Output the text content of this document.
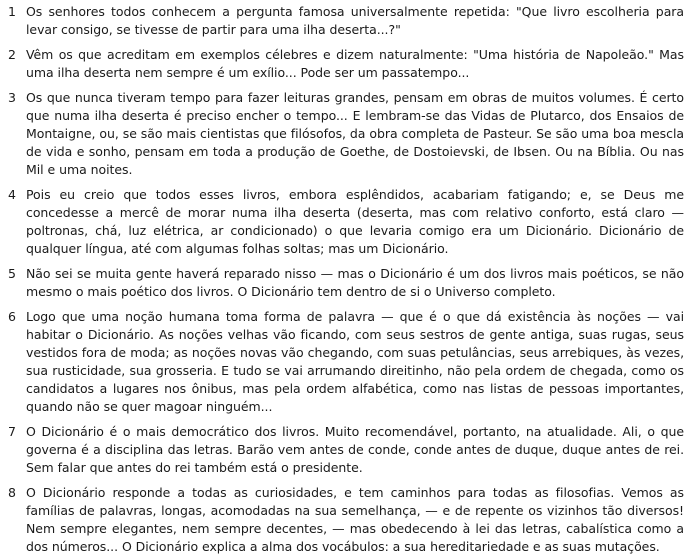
1 Os senhores todos conhecem a pergunta famosa universalmente repetida: "Que livro escolheria para levar consigo, se tivesse de partir para uma ilha deserta...?"
2 Vêm os que acreditam em exemplos célebres e dizem naturalmente: "Uma história de Napoleão." Mas uma ilha deserta nem sempre é um exílio... Pode ser um passatempo...
3 Os que nunca tiveram tempo para fazer leituras grandes, pensam em obras de muitos volumes. É certo que numa ilha deserta é preciso encher o tempo... E lembram-se das Vidas de Plutarco, dos Ensaios de Montaigne, ou, se são mais cientistas que filósofos, da obra completa de Pasteur. Se são uma boa mescla de vida e sonho, pensam em toda a produção de Goethe, de Dostoievski, de Ibsen. Ou na Bíblia. Ou nas Mil e uma noites.
4 Pois eu creio que todos esses livros, embora esplêndidos, acabariam fatigando; e, se Deus me concedesse a mercê de morar numa ilha deserta (deserta, mas com relativo conforto, está claro — poltronas, chá, luz elétrica, ar condicionado) o que levaria comigo era um Dicionário. Dicionário de qualquer língua, até com algumas folhas soltas; mas um Dicionário.
5 Não sei se muita gente haverá reparado nisso — mas o Dicionário é um dos livros mais poéticos, se não mesmo o mais poético dos livros. O Dicionário tem dentro de si o Universo completo.
6 Logo que uma noção humana toma forma de palavra — que é o que dá existência às noções — vai habitar o Dicionário. As noções velhas vão ficando, com seus sestros de gente antiga, suas rugas, seus vestidos fora de moda; as noções novas vão chegando, com suas petulâncias, seus arrebiques, às vezes, sua rusticidade, sua grosseria. E tudo se vai arrumando direitinho, não pela ordem de chegada, como os candidatos a lugares nos ônibus, mas pela ordem alfabética, como nas listas de pessoas importantes, quando não se quer magoar ninguém...
7 O Dicionário é o mais democrático dos livros. Muito recomendável, portanto, na atualidade. Ali, o que governa é a disciplina das letras. Barão vem antes de conde, conde antes de duque, duque antes de rei. Sem falar que antes do rei também está o presidente.
8 O Dicionário responde a todas as curiosidades, e tem caminhos para todas as filosofias. Vemos as famílias de palavras, longas, acomodadas na sua semelhança, — e de repente os vizinhos tão diversos! Nem sempre elegantes, nem sempre decentes, — mas obedecendo à lei das letras, cabalística como a dos números... O Dicionário explica a alma dos vocábulos: a sua hereditariedade e as suas mutações.
